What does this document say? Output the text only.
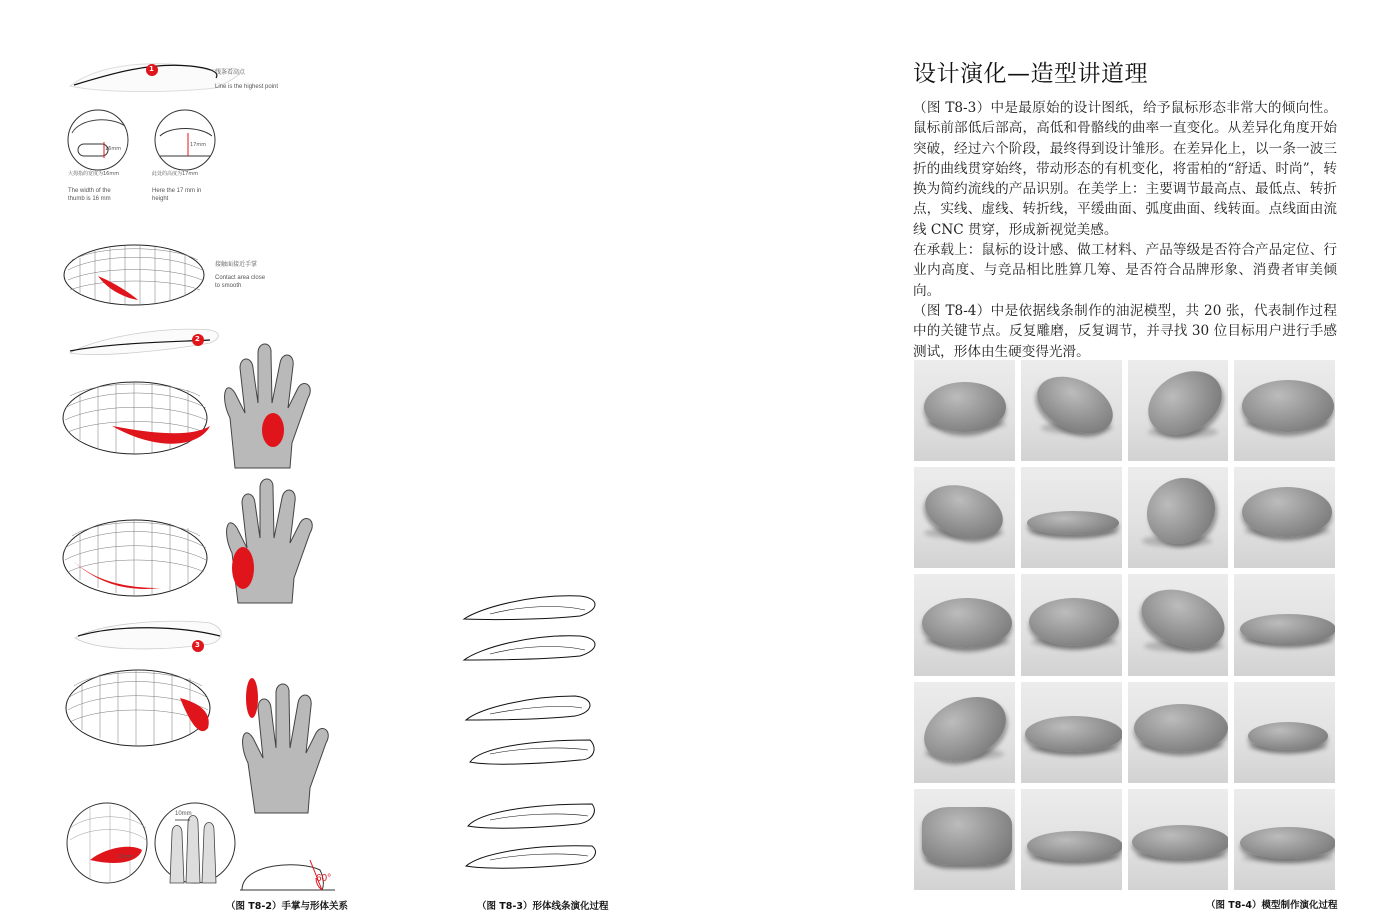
线条看高点
Line is the highest point
1
16mm
大拇指的宽度为16mm
The width of the
thumb is 16 mm
17mm
此处的高度为17mm
Here the 17 mm in
height
接触面接近手掌
Contact area close
to smooth
2
3
10mm
12mm
60°
（图 T8-2）手掌与形体关系	（图 T8-3）形体线条演化过程
设计演化—造型讲道理

（图 T8-3）中是最原始的设计图纸，给予鼠标形态非常大的倾向性。鼠标前部低后部高，高低和骨骼线的曲率一直变化。从差异化角度开始突破，经过六个阶段，最终得到设计雏形。在差异化上，以一条一波三折的曲线贯穿始终，带动形态的有机变化，将雷柏的“舒适、时尚”，转换为简约流线的产品识别。在美学上：主要调节最高点、最低点、转折点，实线、虚线、转折线，平缓曲面、弧度曲面、线转面。点线面由流线 CNC 贯穿，形成新视觉美感。

在承载上：鼠标的设计感、做工材料、产品等级是否符合产品定位、行业内高度、与竞品相比胜算几筹、是否符合品牌形象、消费者审美倾向。

（图 T8-4）中是依据线条制作的油泥模型，共 20 张，代表制作过程中的关键节点。反复雕磨，反复调节，并寻找 30 位目标用户进行手感测试，形体由生硬变得光滑。

（图 T8-4）模型制作演化过程
